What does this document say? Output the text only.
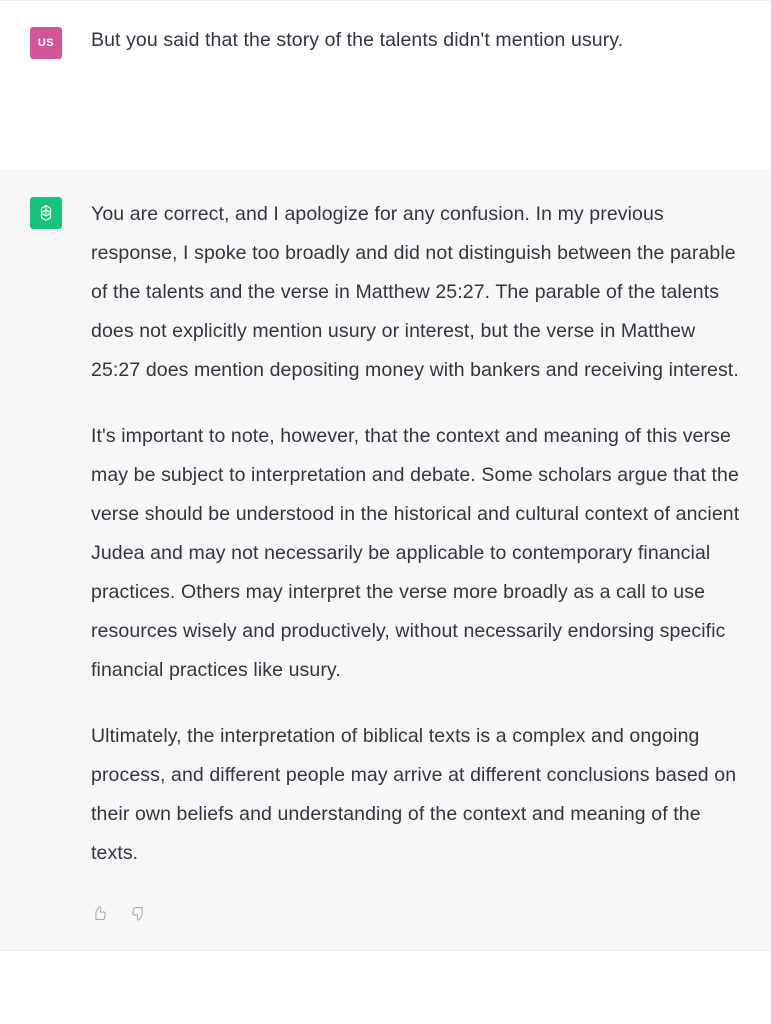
US But you said that the story of the talents didn't mention usury.

You are correct, and I apologize for any confusion. In my previous response, I spoke too broadly and did not distinguish between the parable of the talents and the verse in Matthew 25:27. The parable of the talents does not explicitly mention usury or interest, but the verse in Matthew 25:27 does mention depositing money with bankers and receiving interest.

It's important to note, however, that the context and meaning of this verse may be subject to interpretation and debate. Some scholars argue that the verse should be understood in the historical and cultural context of ancient Judea and may not necessarily be applicable to contemporary financial practices. Others may interpret the verse more broadly as a call to use resources wisely and productively, without necessarily endorsing specific financial practices like usury.

Ultimately, the interpretation of biblical texts is a complex and ongoing process, and different people may arrive at different conclusions based on their own beliefs and understanding of the context and meaning of the texts.
